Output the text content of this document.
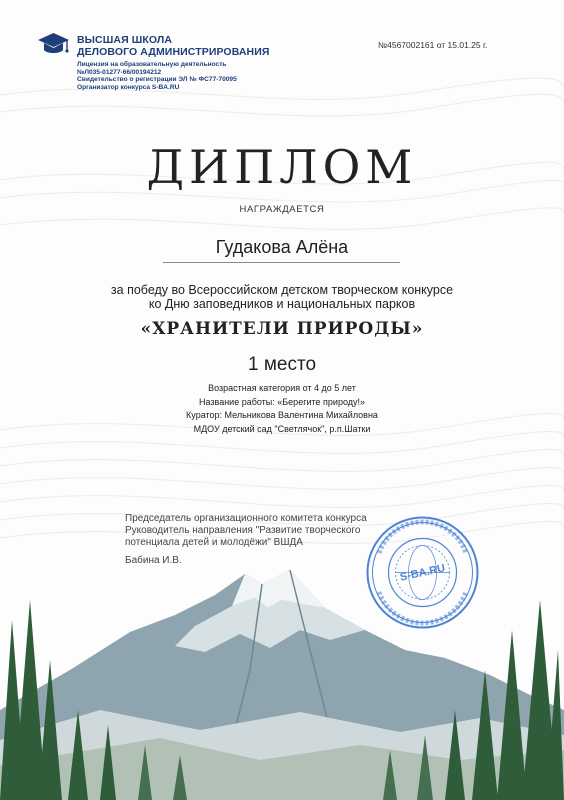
ВЫСШАЯ ШКОЛА
ДЕЛОВОГО АДМИНИСТРИРОВАНИЯ
Лицензия на образовательную деятельность
№Л035-01277-66/00194212
Свидетельство о регистрации ЭЛ № ФС77-70095
Организатор конкурса S-BA.RU
№4567002161 от 15.01.25 г.
ДИПЛОМ
НАГРАЖДАЕТСЯ
Гудакова Алёна
за победу во Всероссийском детском творческом конкурсе
ко Дню заповедников и национальных парков
«ХРАНИТЕЛИ ПРИРОДЫ»
1 место
Возрастная категория от 4 до 5 лет
Название работы: «Берегите природу!»
Куратор: Мельникова Валентина Михайловна
МДОУ детский сад "Светлячок", р.п.Шатки
Председатель организационного комитета конкурса
Руководитель направления "Развитие творческого
потенциала детей и молодёжи" ВШДА
Бабина И.В.
S-BA.RU
